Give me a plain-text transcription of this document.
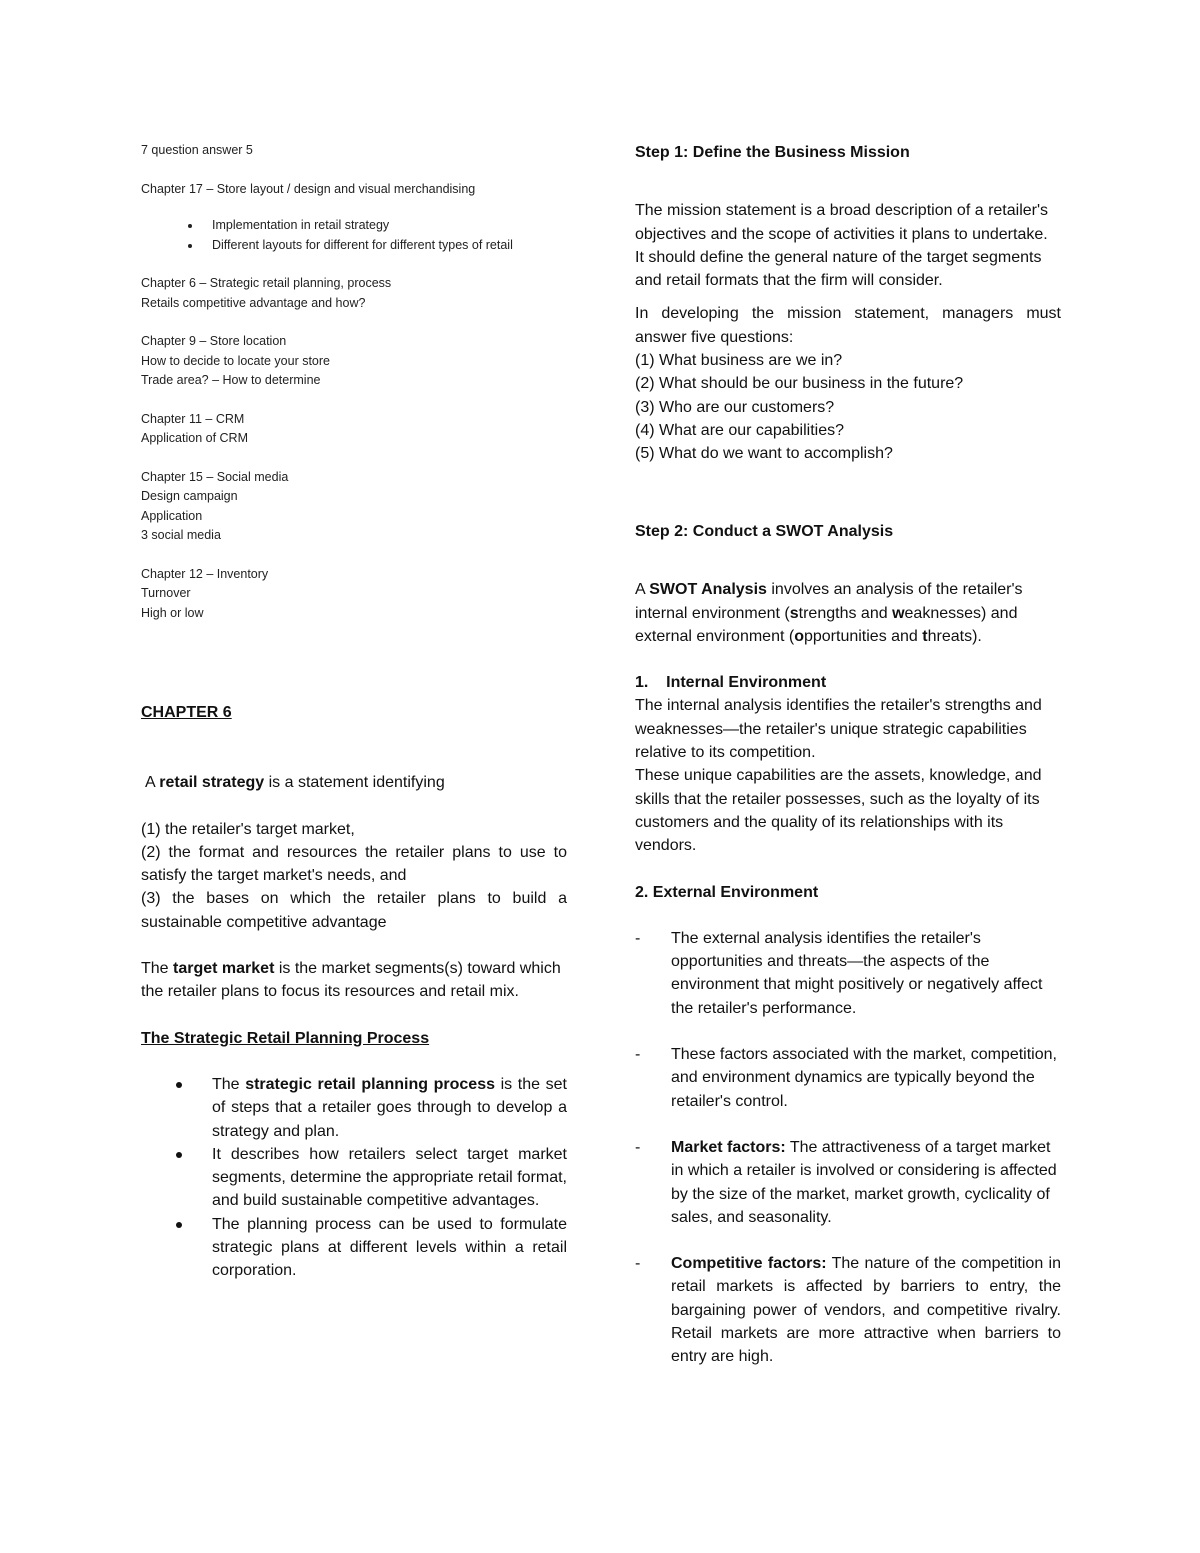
7 question answer 5

Chapter 17 – Store layout / design and visual merchandising

Implementation in retail strategy
Different layouts for different for different types of retail

Chapter 6 – Strategic retail planning, process

Retails competitive advantage and how?

Chapter 9 – Store location

How to decide to locate your store

Trade area? – How to determine

Chapter 11 – CRM

Application of CRM

Chapter 15 – Social media

Design campaign

Application

3 social media

Chapter 12 – Inventory

Turnover

High or low

CHAPTER 6

A retail strategy is a statement identifying

(1) the retailer's target market,

(2) the format and resources the retailer plans to use to satisfy the target market's needs, and

(3) the bases on which the retailer plans to build a sustainable competitive advantage

The target market is the market segments(s) toward which the retailer plans to focus its resources and retail mix.

The Strategic Retail Planning Process

The strategic retail planning process is the set of steps that a retailer goes through to develop a strategy and plan.
It describes how retailers select target market segments, determine the appropriate retail format, and build sustainable competitive advantages.
The planning process can be used to formulate strategic plans at different levels within a retail corporation.

Step 1: Define the Business Mission

The mission statement is a broad description of a retailer's objectives and the scope of activities it plans to undertake. It should define the general nature of the target segments and retail formats that the firm will consider.

In developing the mission statement, managers must answer five questions:

(1) What business are we in?

(2) What should be our business in the future?

(3) Who are our customers?

(4) What are our capabilities?

(5) What do we want to accomplish?

Step 2: Conduct a SWOT Analysis

A SWOT Analysis involves an analysis of the retailer's internal environment (strengths and weaknesses) and external environment (opportunities and threats).

1.    Internal Environment

The internal analysis identifies the retailer's strengths and weaknesses—the retailer's unique strategic capabilities relative to its competition.

These unique capabilities are the assets, knowledge, and skills that the retailer possesses, such as the loyalty of its customers and the quality of its relationships with its vendors.

2. External Environment

- The external analysis identifies the retailer's opportunities and threats—the aspects of the environment that might positively or negatively affect the retailer's performance.
- These factors associated with the market, competition, and environment dynamics are typically beyond the retailer's control.
- Market factors: The attractiveness of a target market in which a retailer is involved or considering is affected by the size of the market, market growth, cyclicality of sales, and seasonality.
- Competitive factors: The nature of the competition in retail markets is affected by barriers to entry, the bargaining power of vendors, and competitive rivalry. Retail markets are more attractive when barriers to entry are high.
